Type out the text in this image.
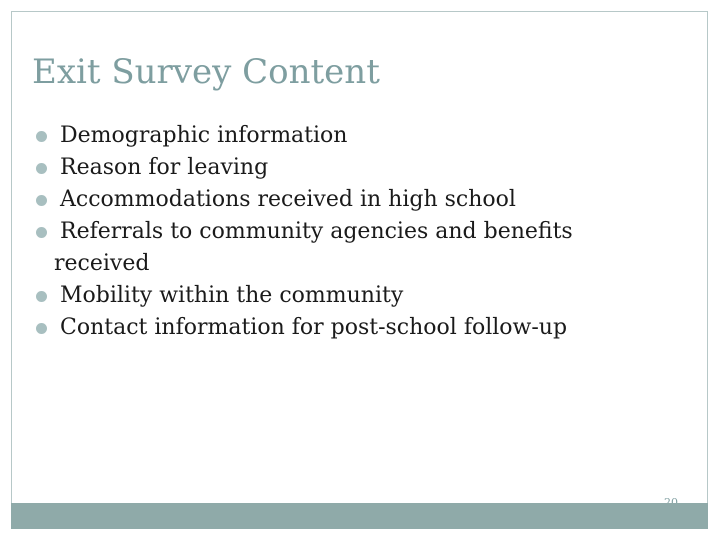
Exit Survey Content
Demographic information
Reason for leaving
Accommodations received in high school
Referrals to community agencies and benefits
received
Mobility within the community
Contact information for post-school follow-up
